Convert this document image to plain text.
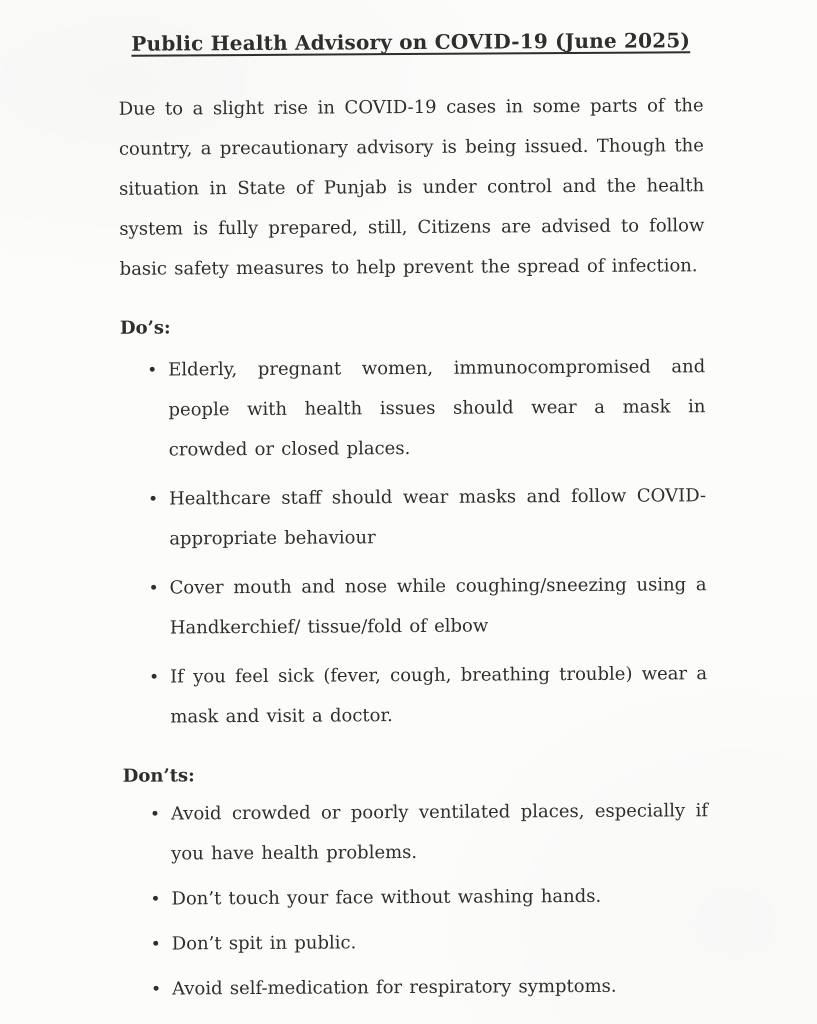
Public Health Advisory on COVID-19 (June 2025)

Due to a slight rise in COVID-19 cases in some parts of the country, a precautionary advisory is being issued. Though the situation in State of Punjab is under control and the health system is fully prepared, still, Citizens are advised to follow basic safety measures to help prevent the spread of infection.

Do’s:
• Elderly, pregnant women, immunocompromised and people with health issues should wear a mask in crowded or closed places.
• Healthcare staff should wear masks and follow COVID-appropriate behaviour
• Cover mouth and nose while coughing/sneezing using a Handkerchief/ tissue/fold of elbow
• If you feel sick (fever, cough, breathing trouble) wear a mask and visit a doctor.
Don’ts:
• Avoid crowded or poorly ventilated places, especially if you have health problems.
• Don’t touch your face without washing hands.
• Don’t spit in public.
• Avoid self-medication for respiratory symptoms.
